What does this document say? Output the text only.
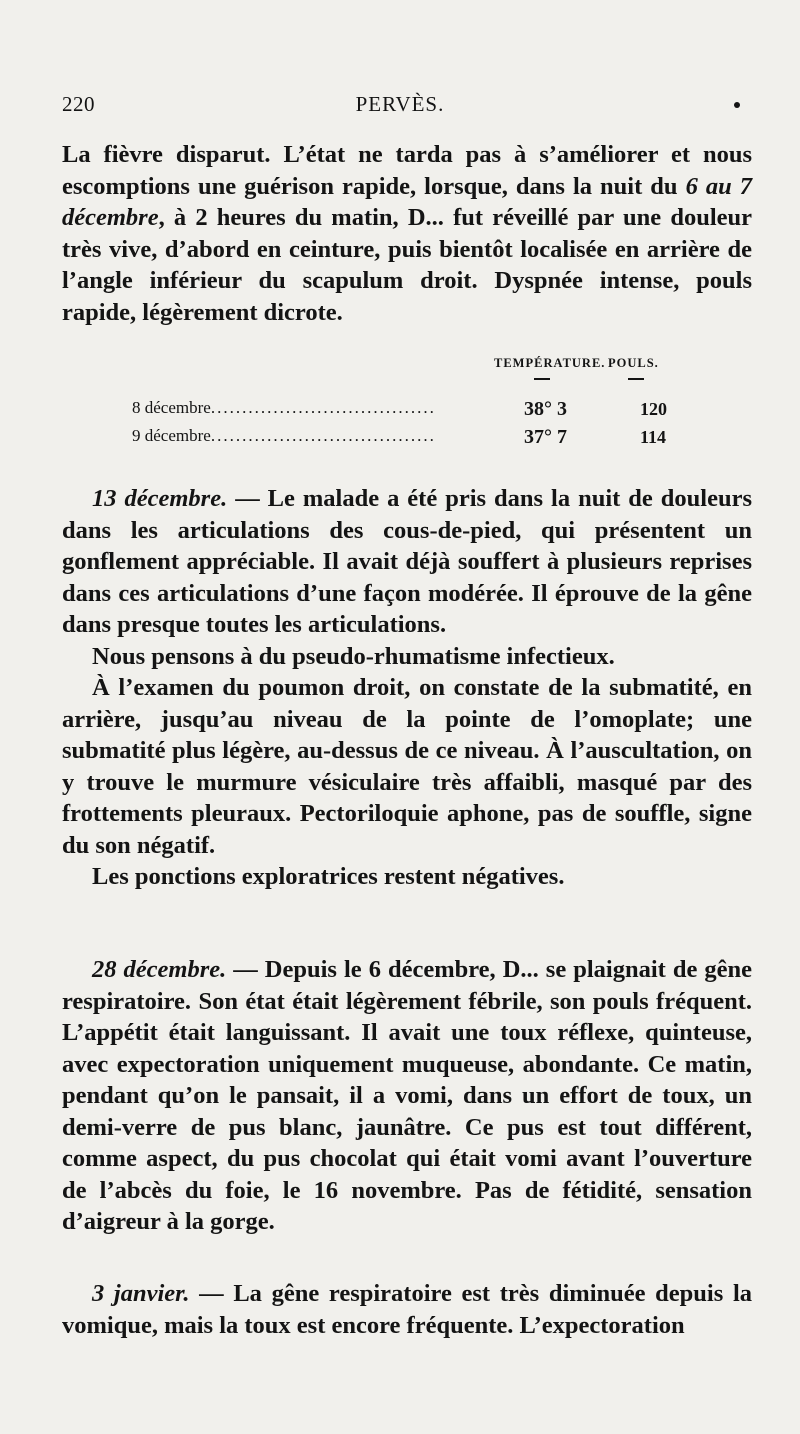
220	PERVÈS.

La fièvre disparut. L’état ne tarda pas à s’améliorer et nous escomptions une guérison rapide, lorsque, dans la nuit du 6 au 7 décembre, à 2 heures du matin, D... fut réveillé par une douleur très vive, d’abord en ceinture, puis bientôt localisée en arrière de l’angle inférieur du scapulum droit. Dyspnée intense, pouls rapide, légèrement dicrote.

TEMPÉRATURE. POULS.
8 décembre....................................	38° 3	120
9 décembre....................................	37° 7	114

13 décembre. — Le malade a été pris dans la nuit de douleurs dans les articulations des cous-de-pied, qui présentent un gonflement appréciable. Il avait déjà souffert à plusieurs reprises dans ces articulations d’une façon modérée. Il éprouve de la gêne dans presque toutes les articulations.

Nous pensons à du pseudo-rhumatisme infectieux.

À l’examen du poumon droit, on constate de la submatité, en arrière, jusqu’au niveau de la pointe de l’omoplate; une submatité plus légère, au-dessus de ce niveau. À l’auscultation, on y trouve le murmure vésiculaire très affaibli, masqué par des frottements pleuraux. Pectoriloquie aphone, pas de souffle, signe du son négatif.

Les ponctions exploratrices restent négatives.

28 décembre. — Depuis le 6 décembre, D... se plaignait de gêne respiratoire. Son état était légèrement fébrile, son pouls fréquent. L’appétit était languissant. Il avait une toux réflexe, quinteuse, avec expectoration uniquement muqueuse, abondante. Ce matin, pendant qu’on le pansait, il a vomi, dans un effort de toux, un demi-verre de pus blanc, jaunâtre. Ce pus est tout différent, comme aspect, du pus chocolat qui était vomi avant l’ouverture de l’abcès du foie, le 16 novembre. Pas de fétidité, sensation d’aigreur à la gorge.

3 janvier. — La gêne respiratoire est très diminuée depuis la vomique, mais la toux est encore fréquente. L’expectoration
